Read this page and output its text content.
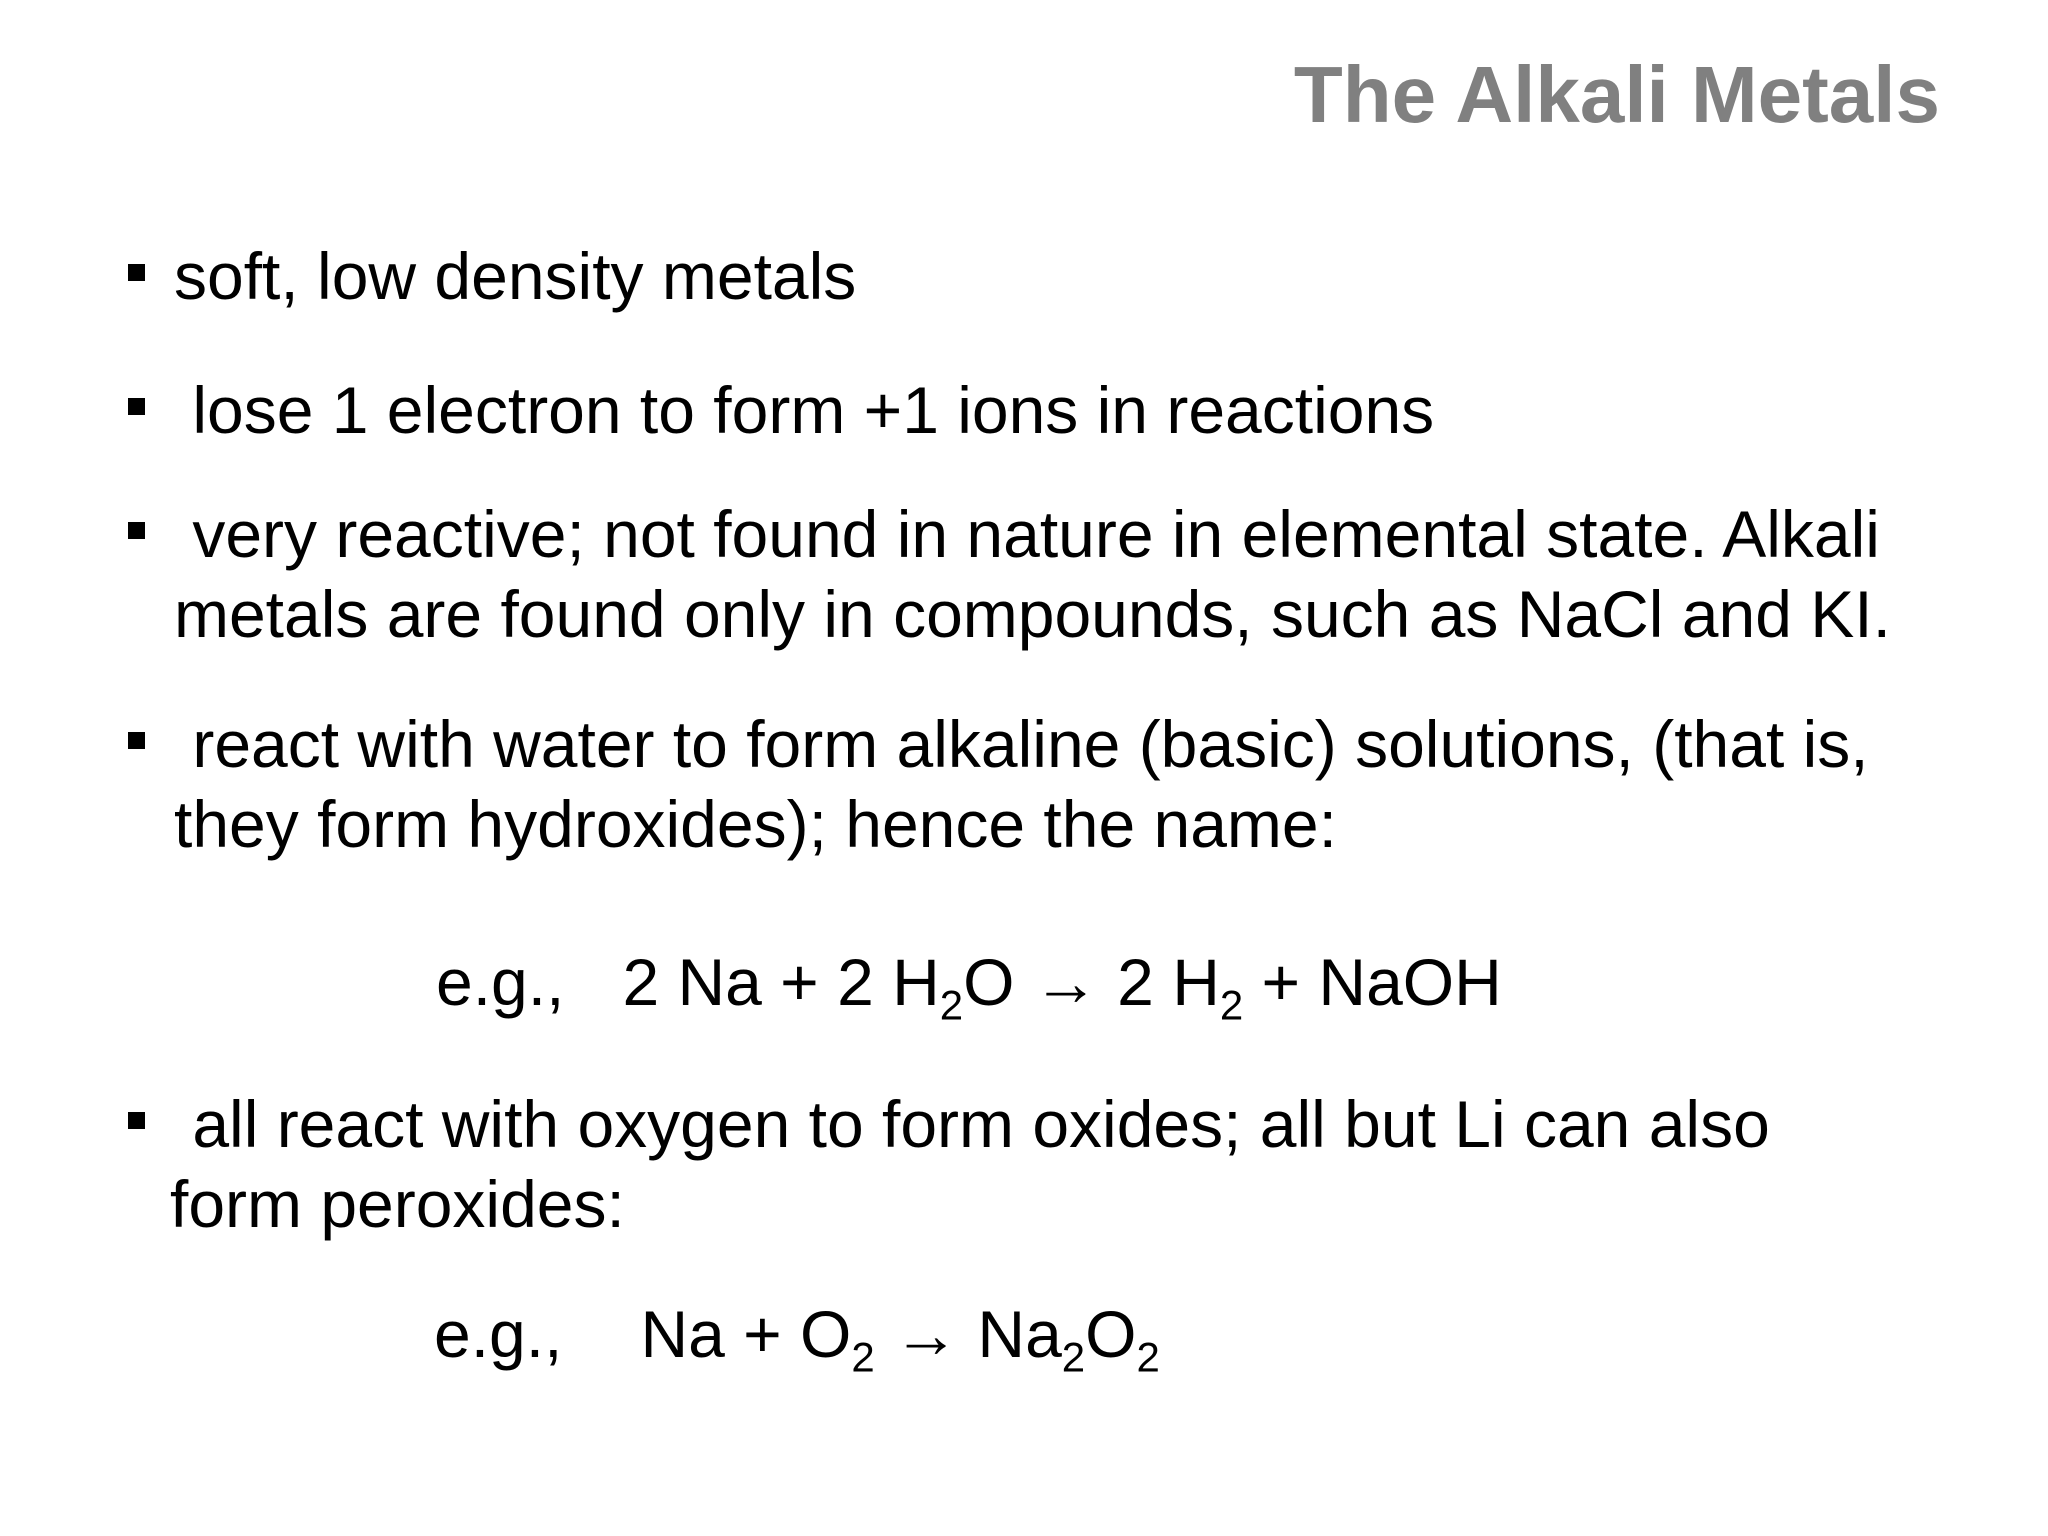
The Alkali Metals
soft, low density metals
lose 1 electron to form +1 ions in reactions
very reactive; not found in nature in elemental state. Alkali
metals are found only in compounds, such as NaCl and KI.
react with water to form alkaline (basic) solutions, (that is,
they form hydroxides); hence the name:
e.g., 2 Na + 2 $H_2O \to 2$ $H_2$ + NaOH
all react with oxygen to form oxides; all but Li can also
form peroxides:
e.g., $Na + O_2 \to Na_2O_2$
